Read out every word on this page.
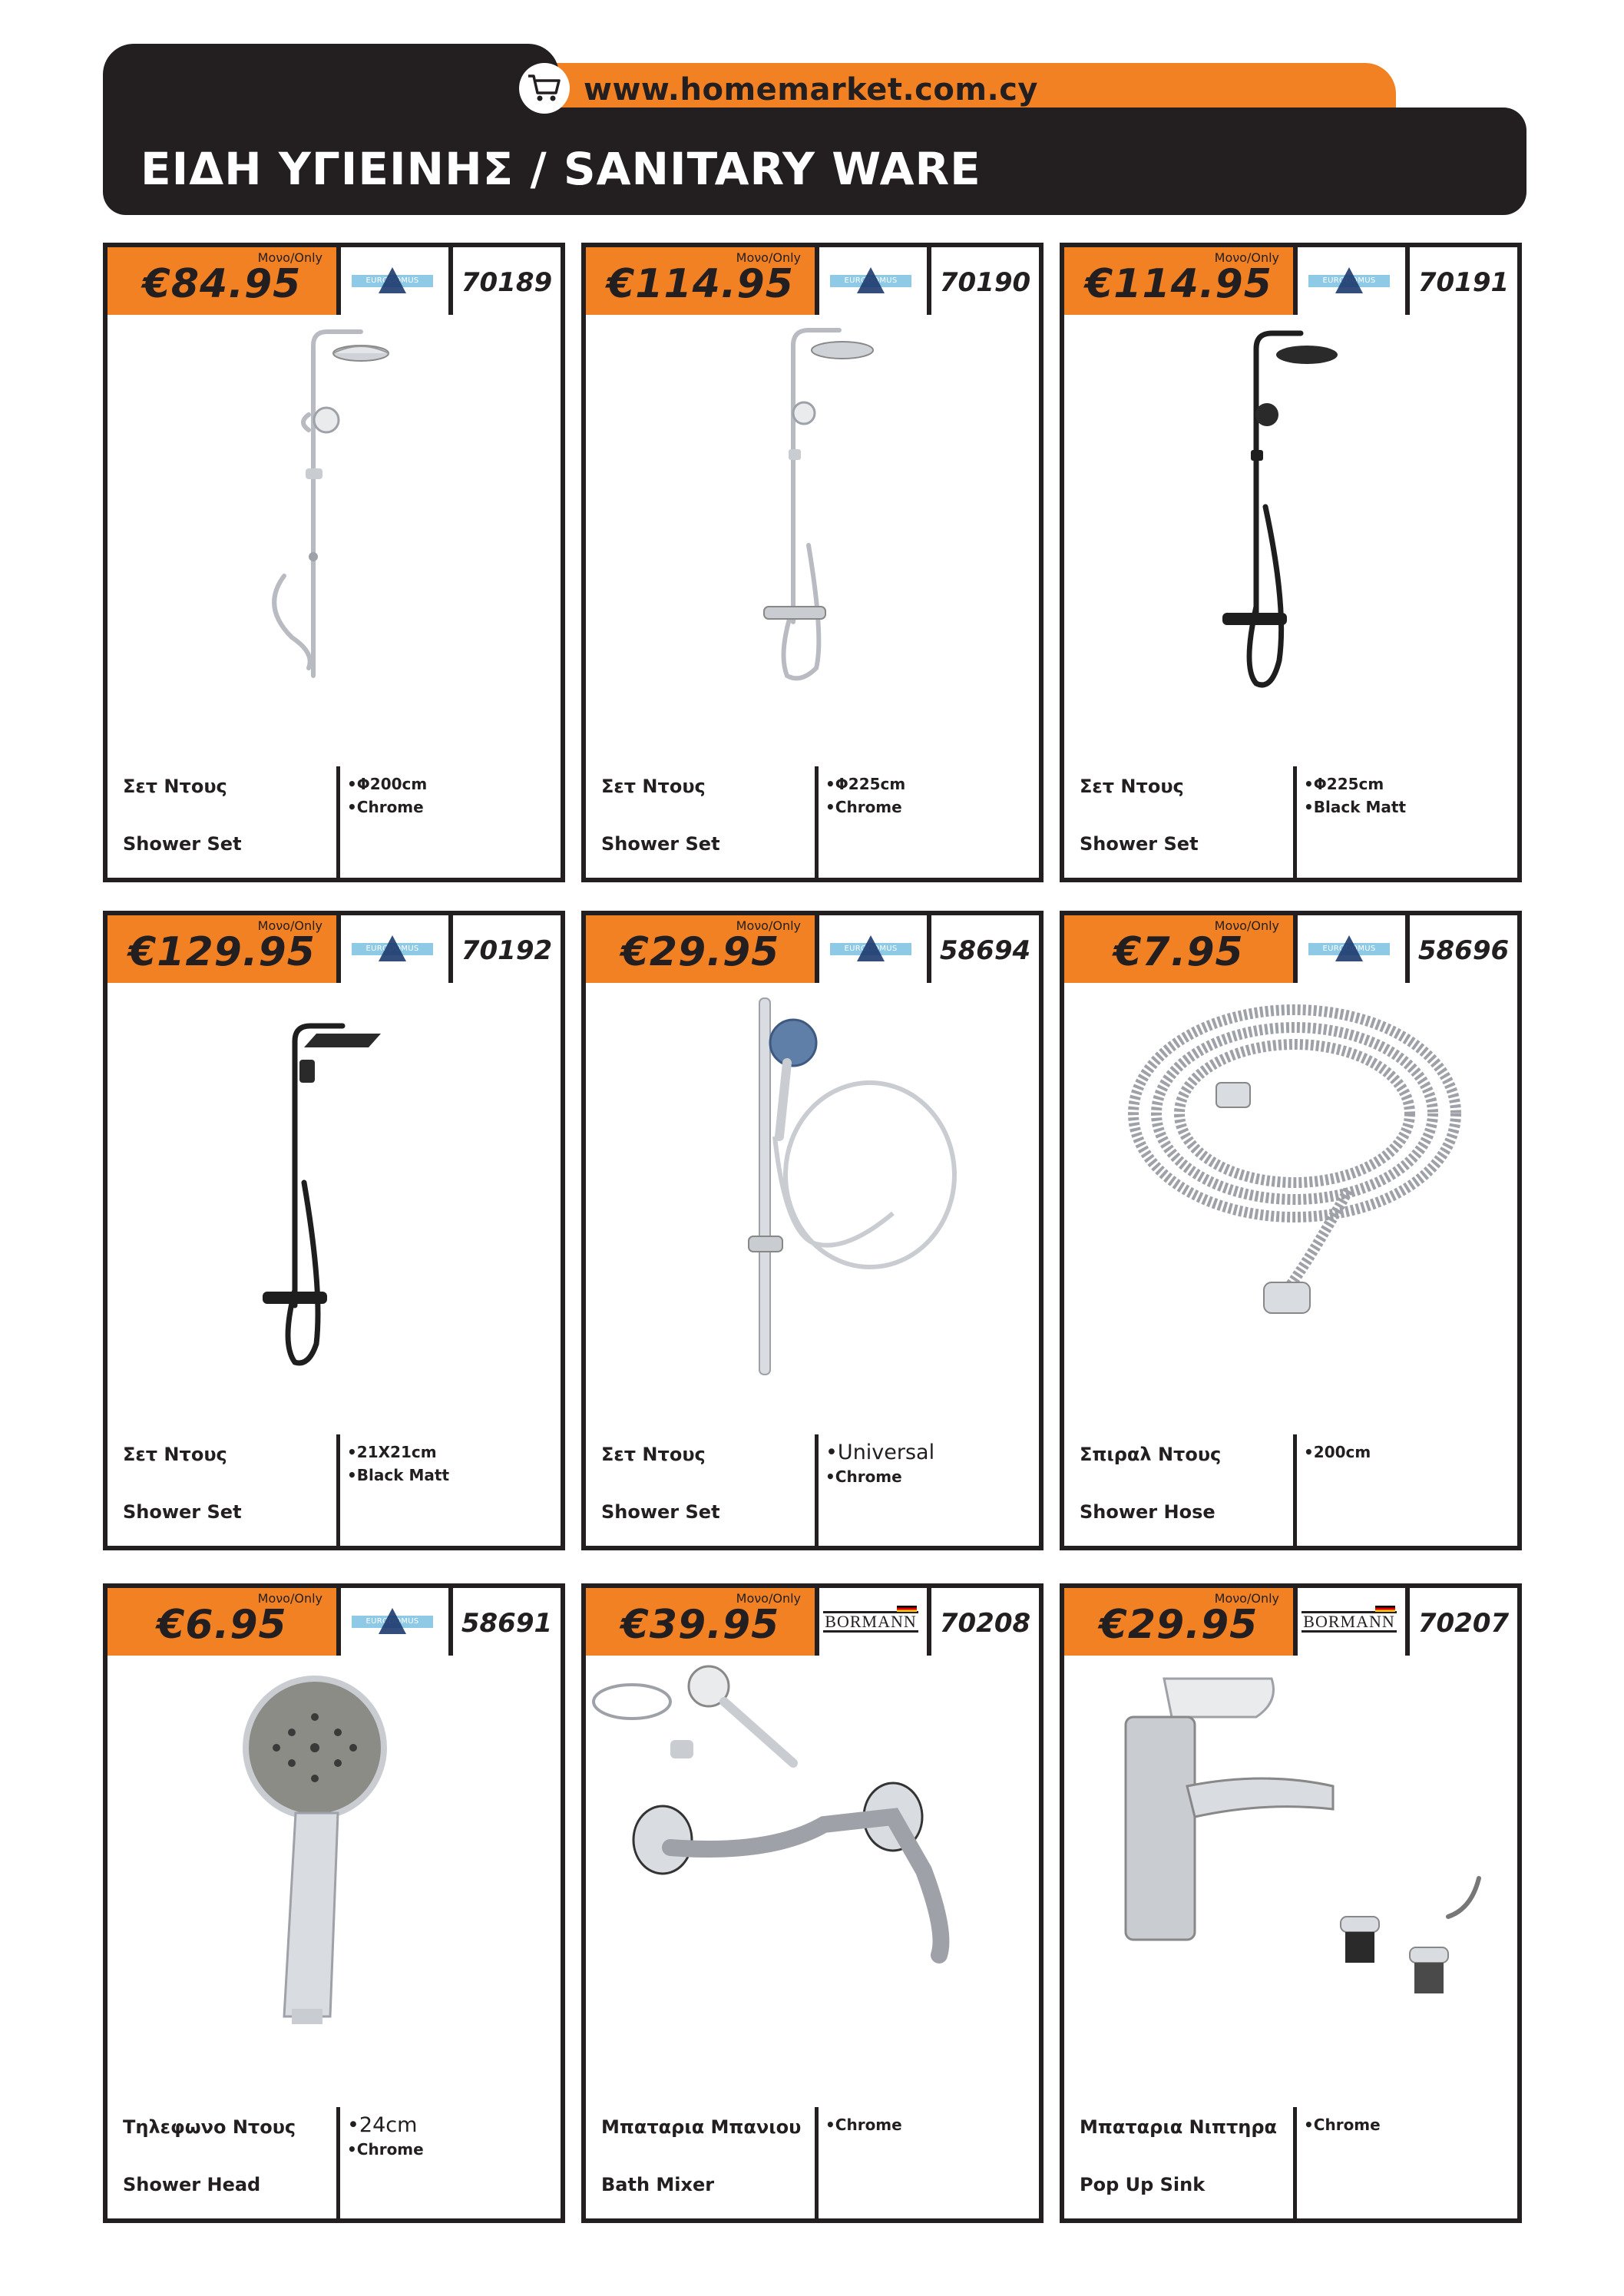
www.homemarket.com.cy
ΕΙΔΗ ΥΓΙΕΙΝΗΣ / SANITARY WARE
Μονο/Only
€84.95	EURODOMUS	70189
Σετ Ντους
Shower Set
•Φ200cm
•Chrome
Μονο/Only
€114.95	EURODOMUS	70190
Σετ Ντους
Shower Set
•Φ225cm
•Chrome
Μονο/Only
€114.95	EURODOMUS	70191
Σετ Ντους
Shower Set
•Φ225cm
•Black Matt
Μονο/Only
€129.95	EURODOMUS	70192
Σετ Ντους
Shower Set
•21X21cm
•Black Matt
Μονο/Only
€29.95	EURODOMUS	58694
Σετ Ντους
Shower Set
•Universal
•Chrome
Μονο/Only
€7.95	EURODOMUS	58696
Σπιραλ Ντους
Shower Hose
•200cm
Μονο/Only
€6.95	EURODOMUS	58691
Τηλεφωνο Ντους
Shower Head
•24cm
•Chrome
Μονο/Only
€39.95	BORMANN 70208
Μπαταρια Μπανιου
Bath Mixer
•Chrome
Μονο/Only
€29.95	BORMANN 70207
Μπαταρια Νιπτηρα
Pop Up Sink
•Chrome
